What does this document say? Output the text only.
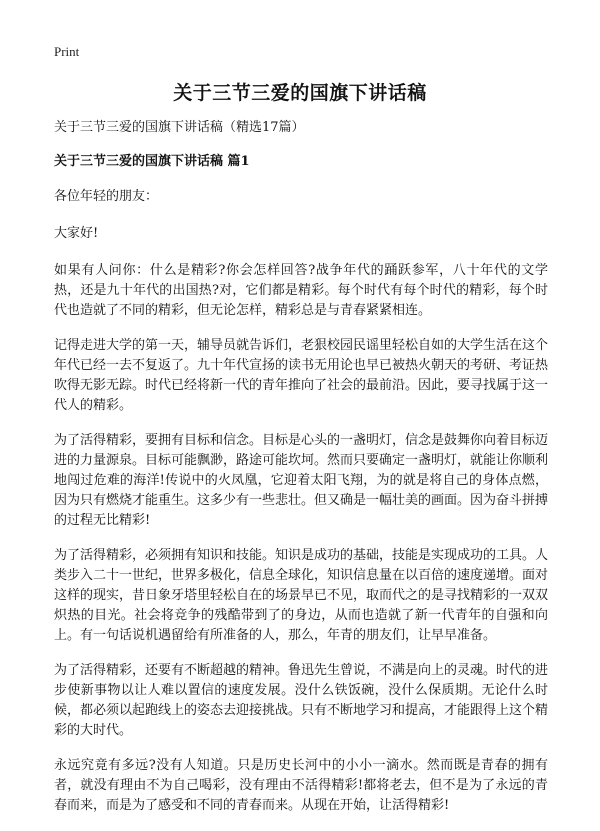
Print
关于三节三爱的国旗下讲话稿

关于三节三爱的国旗下讲话稿（精选17篇）

关于三节三爱的国旗下讲话稿 篇1

各位年轻的朋友：

大家好!

如果有人问你：什么是精彩?你会怎样回答?战争年代的踊跃参军，八十年代的文学热，还是九十年代的出国热?对，它们都是精彩。每个时代有每个时代的精彩，每个时代也造就了不同的精彩，但无论怎样，精彩总是与青春紧紧相连。

记得走进大学的第一天，辅导员就告诉们，老狠校园民谣里轻松自如的大学生活在这个年代已经一去不复返了。九十年代宣扬的读书无用论也早已被热火朝天的考研、考证热吹得无影无踪。时代已经将新一代的青年推向了社会的最前沿。因此，要寻找属于这一代人的精彩。

为了活得精彩，要拥有目标和信念。目标是心头的一盏明灯，信念是鼓舞你向着目标迈进的力量源泉。目标可能飘渺，路途可能坎坷。然而只要确定一盏明灯，就能让你顺利地闯过危难的海洋!传说中的火凤凰，它迎着太阳飞翔，为的就是将自己的身体点燃，因为只有燃烧才能重生。这多少有一些悲壮。但又确是一幅壮美的画面。因为奋斗拼搏的过程无比精彩!

为了活得精彩，必须拥有知识和技能。知识是成功的基础，技能是实现成功的工具。人类步入二十一世纪，世界多极化，信息全球化，知识信息量在以百倍的速度递增。面对这样的现实，昔日象牙塔里轻松自在的场景早已不见，取而代之的是寻找精彩的一双双炽热的目光。社会将竞争的残酷带到了的身边，从而也造就了新一代青年的自强和向上。有一句话说机遇留给有所准备的人，那么，年青的朋友们，让早早准备。

为了活得精彩，还要有不断超越的精神。鲁迅先生曾说，不满是向上的灵魂。时代的进步使新事物以让人难以置信的速度发展。没什么铁饭碗，没什么保质期。无论什么时候，都必须以起跑线上的姿态去迎接挑战。只有不断地学习和提高，才能跟得上这个精彩的大时代。

永远究竟有多远?没有人知道。只是历史长河中的小小一滴水。然而既是青春的拥有者，就没有理由不为自己喝彩，没有理由不活得精彩!都将老去，但不是为了永远的青春而来，而是为了感受和不同的青春而来。从现在开始，让活得精彩!
